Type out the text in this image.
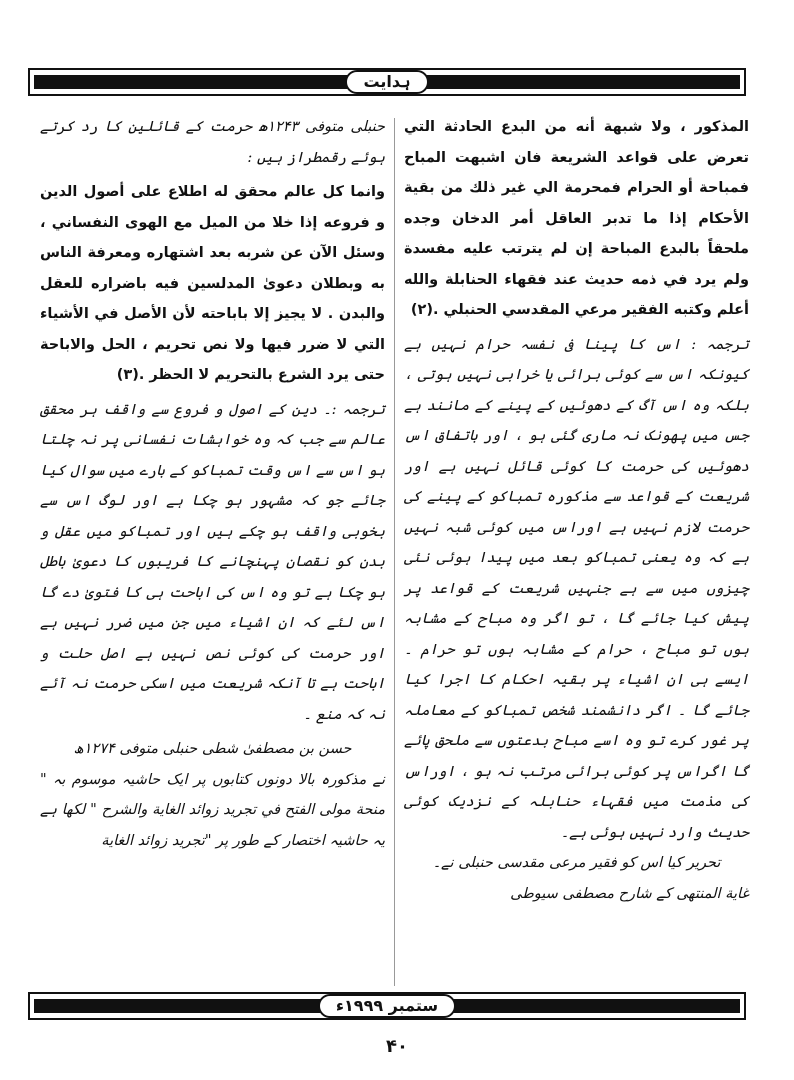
ہدایت

المذكور ، ولا شبهة أنه من البدع الحادثة التي تعرض على قواعد الشريعة فان اشبهت المباح فمباحة أو الحرام فمحرمة الي غير ذلك من بقية الأحكام إذا ما تدبر العاقل أمر الدخان وجده ملحقاً بالبدع المباحة إن لم يترتب عليه مفسدة ولم يرد في ذمه حديث عند فقهاء الحنابلة والله أعلم وكتبه الفقير مرعي المقدسي الحنبلي .(۲)

ترجمہ : اس کا پینا فی نفسہ حرام نہیں ہے کیونکہ اس سے کوئی برائی یا خرابی نہیں ہوتی ، بلکہ وہ اس آگ کے دھوئیں کے پینے کے مانند ہے جس میں پھونک نہ ماری گئی ہو ، اور باتفاق اس دھوئیں کی حرمت کا کوئی قائل نہیں ہے اور شریعت کے قواعد سے مذکورہ تمباکو کے پینے کی حرمت لازم نہیں ہے اوراس میں کوئی شبہ نہیں ہے کہ وہ یعنی تمباکو بعد میں پیدا ہوئی نئی چیزوں میں سے ہے جنہیں شریعت کے قواعد پر پیش کیا جائے گا ، تو اگر وہ مباح کے مشابہ ہوں تو مباح ، حرام کے مشابہ ہوں تو حرام ۔ ایسے ہی ان اشیاء پر بقیہ احکام کا اجرا کیا جائے گا ۔ اگر دانشمند شخص تمباکو کے معاملہ پر غور کرے تو وہ اسے مباح بدعتوں سے ملحق پائے گا اگراس پر کوئی برائی مرتب نہ ہو ، اوراس کی مذمت میں فقہاء حنابلہ کے نزدیک کوئی حدیث وارد نہیں ہوئی ہے۔

تحریر کیا اس کو فقیر مرعی مقدسی حنبلی نے۔

غاية المنتهى کے شارح مصطفی سیوطی

حنبلی متوفی ۱۲۴۳ھ حرمت کے قائلین کا رد کرتے ہوئے رقمطراز ہیں :

وانما كل عالم محقق له اطلاع على أصول الدين و فروعه إذا خلا من الميل مع الهوى النفساني ، وسئل الآن عن شربه بعد اشتهاره ومعرفة الناس به وبطلان دعوىٰ المدلسين فيه باضراره للعقل والبدن . لا يجيز إلا باباحته لأن الأصل في الأشياء التي لا ضرر فيها ولا نص تحريم ، الحل والاباحة حتى يرد الشرع بالتحريم لا الحظر .(۳)

ترجمہ :۔ دین کے اصول و فروع سے واقف ہر محقق عالم سے جب کہ وہ خواہشات نفسانی پر نہ چلتا ہو اس سے اس وقت تمباکو کے بارے میں سوال کیا جائے جو کہ مشہور ہو چکا ہے اور لوگ اس سے بخوبی واقف ہو چکے ہیں اور تمباکو میں عقل و بدن کو نقصان پہنچانے کا فریبوں کا دعویٰ باطل ہو چکا ہے تو وہ اس کی اباحت ہی کا فتویٰ دے گا اس لئے کہ ان اشیاء میں جن میں ضرر نہیں ہے اور حرمت کی کوئی نص نہیں ہے اصل حلت و اباحت ہے تا آنکہ شریعت میں اسکی حرمت نہ آئے نہ کہ منع ۔

حسن بن مصطفیٰ شطی حنبلی متوفی ۱۲۷۴ھ

نے مذکورہ بالا دونوں کتابوں پر ایک حاشیہ موسوم بہ " منحة مولى الفتح في تجريد زوائد الغاية والشرح " لکھا ہے یہ حاشیہ اختصار کے طور پر "تجريد زوائد الغاية

ستمبر ۱۹۹۹ء
۴۰
